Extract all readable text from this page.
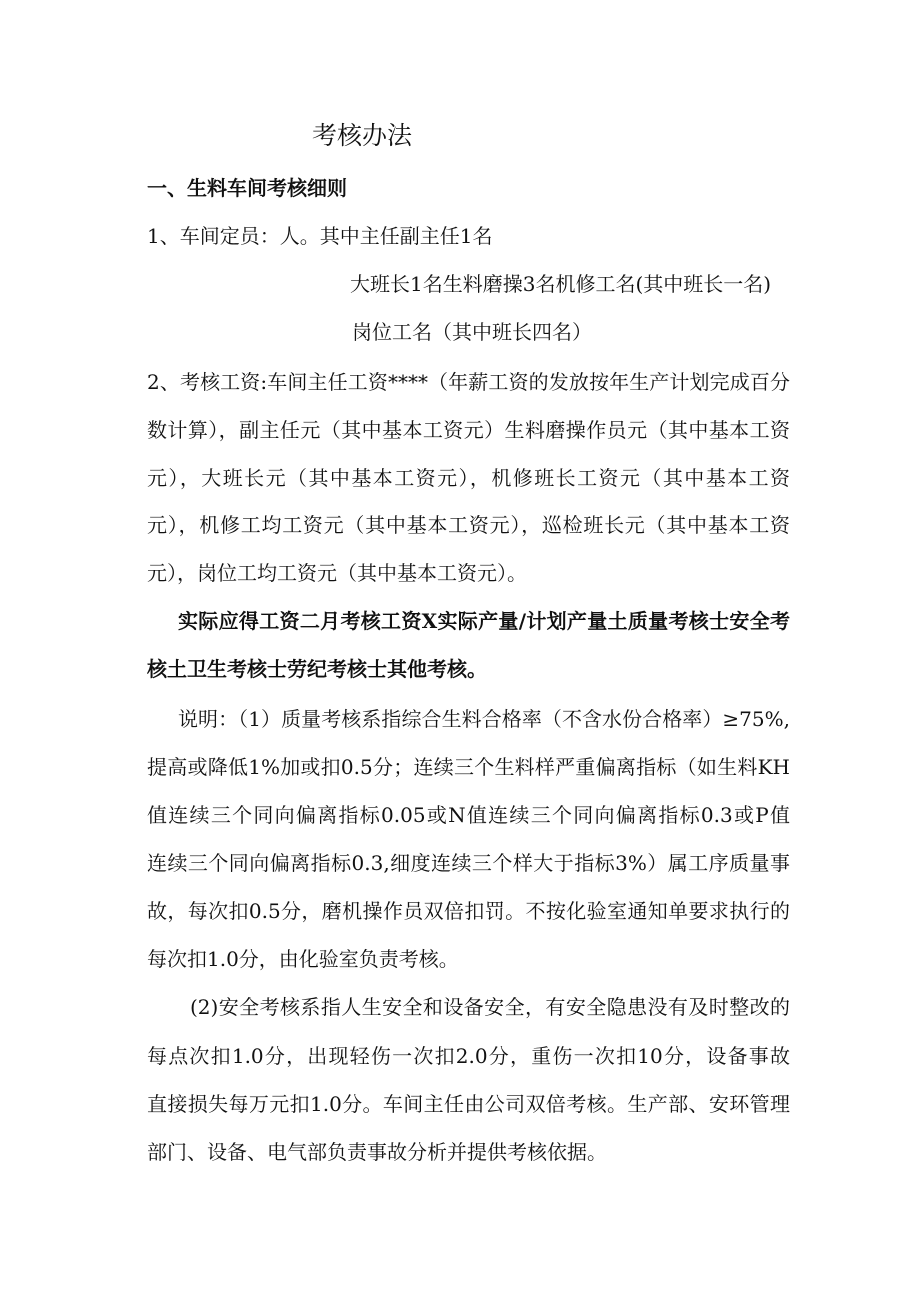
考核办法
一、生料车间考核细则
1、车间定员：人。其中主任副主任1名
大班长1名生料磨操3名机修工名(其中班长一名)
岗位工名（其中班长四名）
2、考核工资:车间主任工资****（年薪工资的发放按年生产计划完成百分
数计算），副主任元（其中基本工资元）生料磨操作员元（其中基本工资
元），大班长元（其中基本工资元），机修班长工资元（其中基本工资
元），机修工均工资元（其中基本工资元），巡检班长元（其中基本工资
元），岗位工均工资元（其中基本工资元）。
实际应得工资二月考核工资X实际产量/计划产量土质量考核士安全考
核土卫生考核士劳纪考核士其他考核。
说明：（1）质量考核系指综合生料合格率（不含水份合格率）≥75%,
提高或降低1%加或扣0.5分；连续三个生料样严重偏离指标（如生料KH
值连续三个同向偏离指标0.05或N值连续三个同向偏离指标0.3或P值
连续三个同向偏离指标0.3,细度连续三个样大于指标3%）属工序质量事
故，每次扣0.5分，磨机操作员双倍扣罚。不按化验室通知单要求执行的
每次扣1.0分，由化验室负责考核。
(2)安全考核系指人生安全和设备安全，有安全隐患没有及时整改的
每点次扣1.0分，出现轻伤一次扣2.0分，重伤一次扣10分，设备事故
直接损失每万元扣1.0分。车间主任由公司双倍考核。生产部、安环管理
部门、设备、电气部负责事故分析并提供考核依据。
